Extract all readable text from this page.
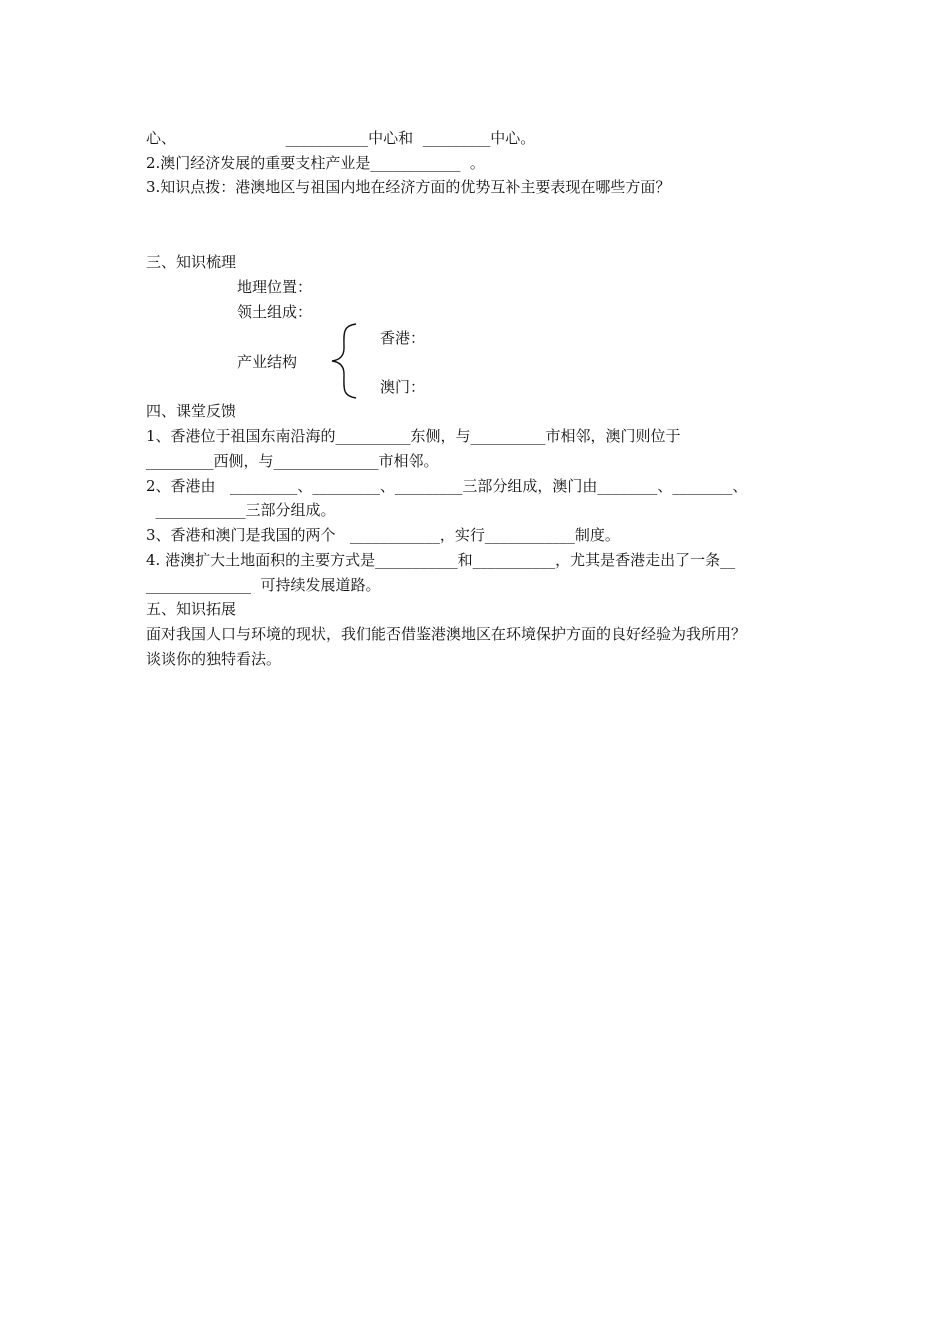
心、                       ___________中心和  _________中心。
2.澳门经济发展的重要支柱产业是____________  。
3.知识点拨：港澳地区与祖国内地在经济方面的优势互补主要表现在哪些方面？
三、知识梳理
地理位置：
领土组成：
产业结构
香港：
澳门：
四、课堂反馈
1、香港位于祖国东南沿海的__________东侧，与__________市相邻，澳门则位于
_________西侧，与______________市相邻。
2、香港由   _________、_________、_________三部分组成，澳门由________、________、
____________三部分组成。
3、香港和澳门是我国的两个   ____________，实行____________制度。
4. 港澳扩大土地面积的主要方式是___________和___________，尤其是香港走出了一条__
______________  可持续发展道路。
五、知识拓展
面对我国人口与环境的现状，我们能否借鉴港澳地区在环境保护方面的良好经验为我所用？
谈谈你的独特看法。
